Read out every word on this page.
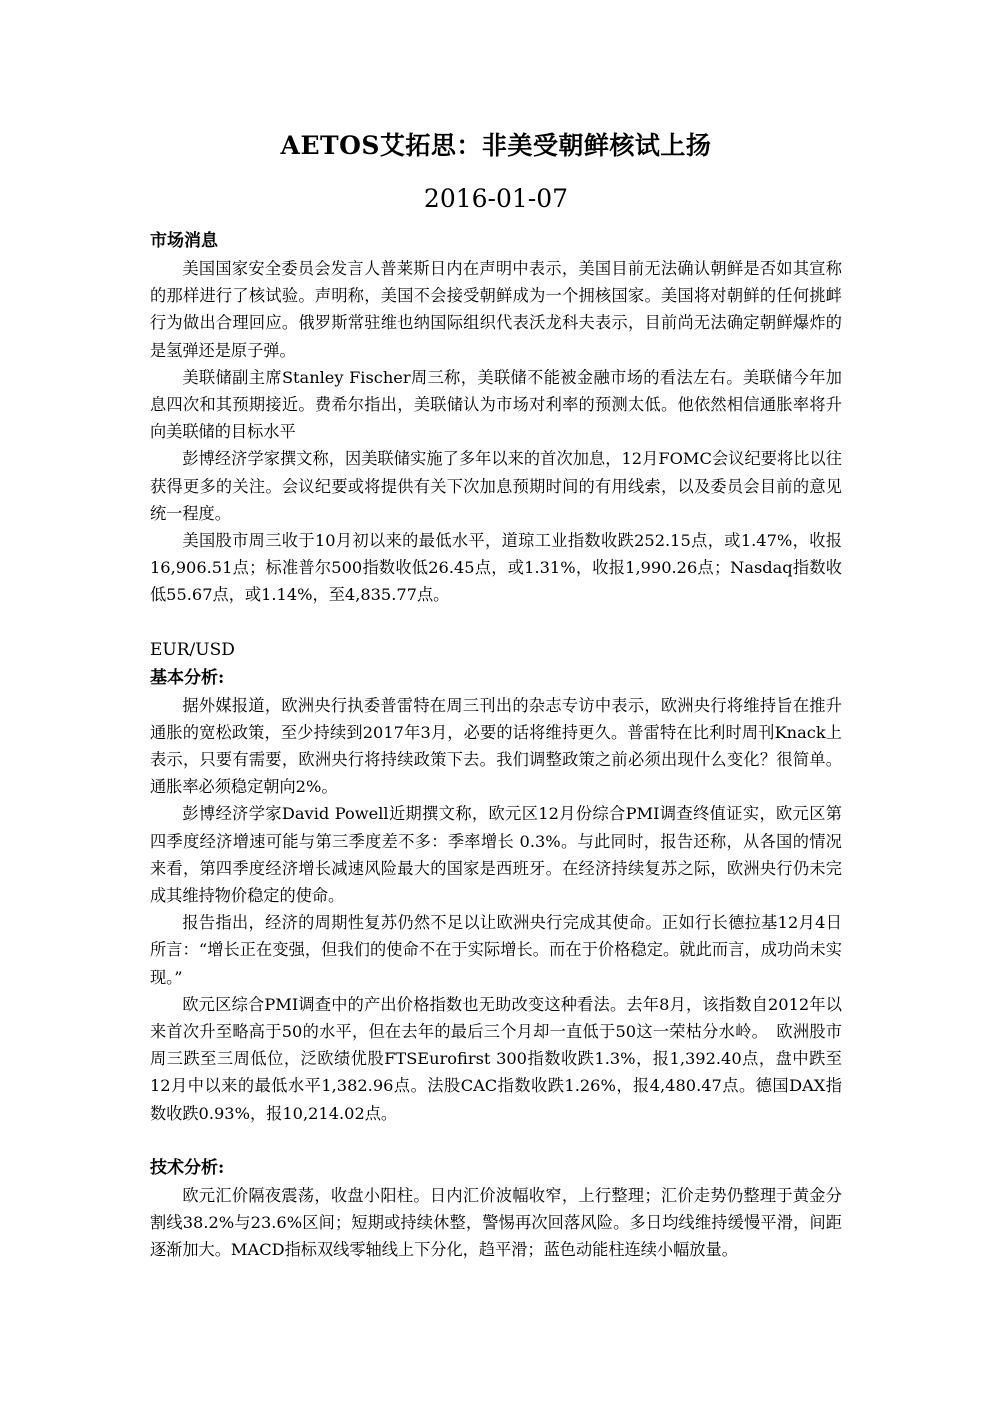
AETOS艾拓思：非美受朝鲜核试上扬
2016-01-07
市场消息

美国国家安全委员会发言人普莱斯日内在声明中表示，美国目前无法确认朝鲜是否如其宣称的那样进行了核试验。声明称，美国不会接受朝鲜成为一个拥核国家。美国将对朝鲜的任何挑衅行为做出合理回应。俄罗斯常驻维也纳国际组织代表沃龙科夫表示，目前尚无法确定朝鲜爆炸的是氢弹还是原子弹。

美联储副主席Stanley Fischer周三称，美联储不能被金融市场的看法左右。美联储今年加息四次和其预期接近。费希尔指出，美联储认为市场对利率的预测太低。他依然相信通胀率将升向美联储的目标水平

彭博经济学家撰文称，因美联储实施了多年以来的首次加息，12月FOMC会议纪要将比以往获得更多的关注。会议纪要或将提供有关下次加息预期时间的有用线索，以及委员会目前的意见统一程度。

美国股市周三收于10月初以来的最低水平，道琼工业指数收跌252.15点，或1.47%，收报16,906.51点；标准普尔500指数收低26.45点，或1.31%，收报1,990.26点；Nasdaq指数收低55.67点，或1.14%，至4,835.77点。

EUR/USD
基本分析:

据外媒报道，欧洲央行执委普雷特在周三刊出的杂志专访中表示，欧洲央行将维持旨在推升通胀的宽松政策，至少持续到2017年3月，必要的话将维持更久。普雷特在比利时周刊Knack上表示，只要有需要，欧洲央行将持续政策下去。我们调整政策之前必须出现什么变化？很简单。通胀率必须稳定朝向2%。

彭博经济学家David Powell近期撰文称，欧元区12月份综合PMI调查终值证实，欧元区第四季度经济增速可能与第三季度差不多：季率增长 0.3%。与此同时，报告还称，从各国的情况来看，第四季度经济增长减速风险最大的国家是西班牙。在经济持续复苏之际，欧洲央行仍未完成其维持物价稳定的使命。

报告指出，经济的周期性复苏仍然不足以让欧洲央行完成其使命。正如行长德拉基12月4日所言：“增长正在变强，但我们的使命不在于实际增长。而在于价格稳定。就此而言，成功尚未实现。”

欧元区综合PMI调查中的产出价格指数也无助改变这种看法。去年8月，该指数自2012年以来首次升至略高于50的水平，但在去年的最后三个月却一直低于50这一荣枯分水岭。　欧洲股市周三跌至三周低位，泛欧绩优股FTSEurofirst 300指数收跌1.3%，报1,392.40点，盘中跌至12月中以来的最低水平1,382.96点。法股CAC指数收跌1.26%，报4,480.47点。德国DAX指数收跌0.93%，报10,214.02点。

技术分析:

欧元汇价隔夜震荡，收盘小阳柱。日内汇价波幅收窄，上行整理；汇价走势仍整理于黄金分割线38.2%与23.6%区间；短期或持续休整，警惕再次回落风险。多日均线维持缓慢平滑，间距逐渐加大。MACD指标双线零轴线上下分化，趋平滑；蓝色动能柱连续小幅放量。
